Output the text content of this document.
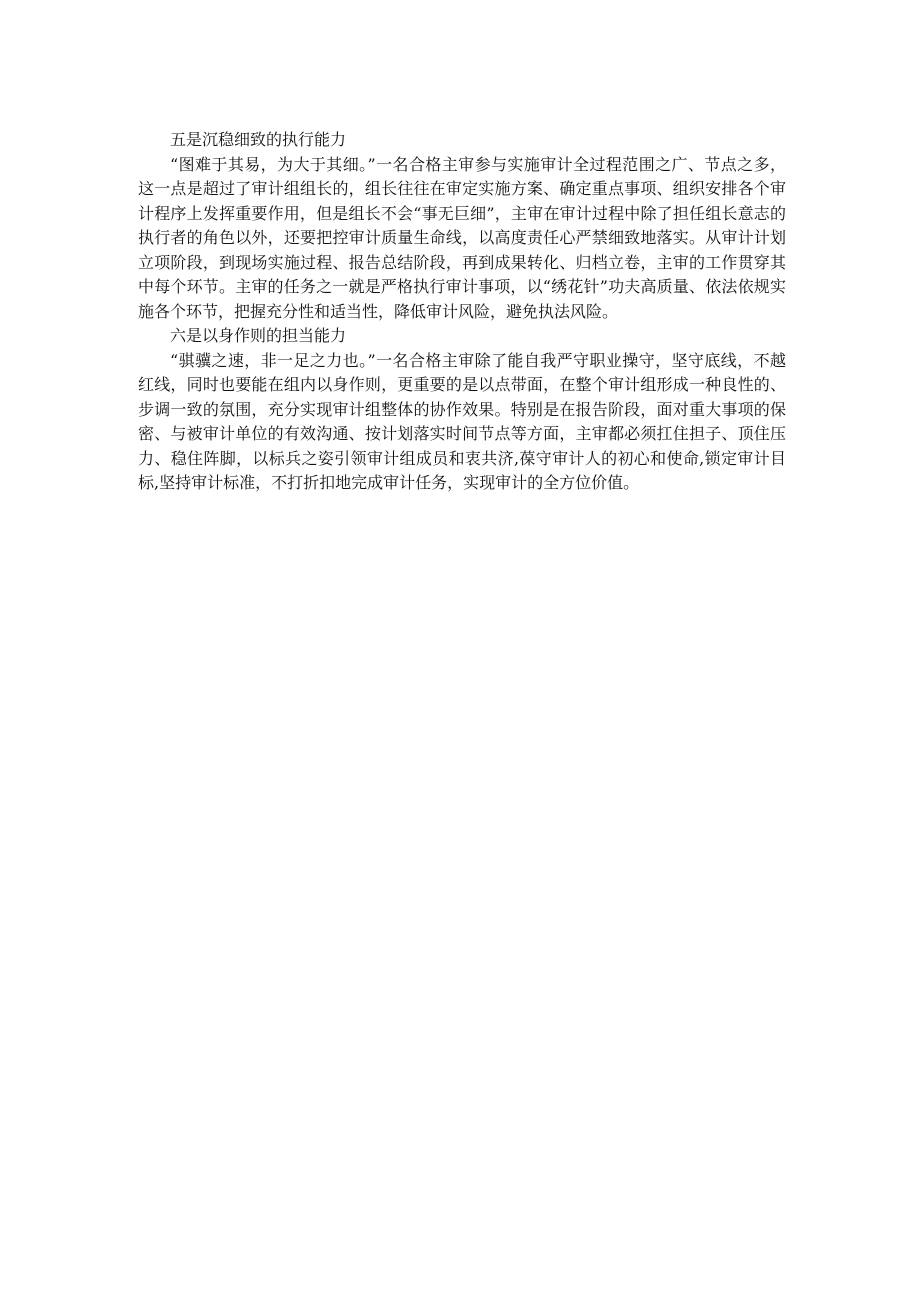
五是沉稳细致的执行能力

“图难于其易，为大于其细。”一名合格主审参与实施审计全过程范围之广、节点之多，这一点是超过了审计组组长的，组长往往在审定实施方案、确定重点事项、组织安排各个审计程序上发挥重要作用，但是组长不会“事无巨细”，主审在审计过程中除了担任组长意志的执行者的角色以外，还要把控审计质量生命线，以高度责任心严禁细致地落实。从审计计划立项阶段，到现场实施过程、报告总结阶段，再到成果转化、归档立卷，主审的工作贯穿其中每个环节。主审的任务之一就是严格执行审计事项，以“绣花针”功夫高质量、依法依规实施各个环节，把握充分性和适当性，降低审计风险，避免执法风险。

六是以身作则的担当能力

“骐骥之速，非一足之力也。”一名合格主审除了能自我严守职业操守，坚守底线，不越红线，同时也要能在组内以身作则，更重要的是以点带面，在整个审计组形成一种良性的、步调一致的氛围，充分实现审计组整体的协作效果。特别是在报告阶段，面对重大事项的保密、与被审计单位的有效沟通、按计划落实时间节点等方面，主审都必须扛住担子、顶住压力、稳住阵脚，以标兵之姿引领审计组成员和衷共济,葆守审计人的初心和使命,锁定审计目标,坚持审计标准，不打折扣地完成审计任务，实现审计的全方位价值。
